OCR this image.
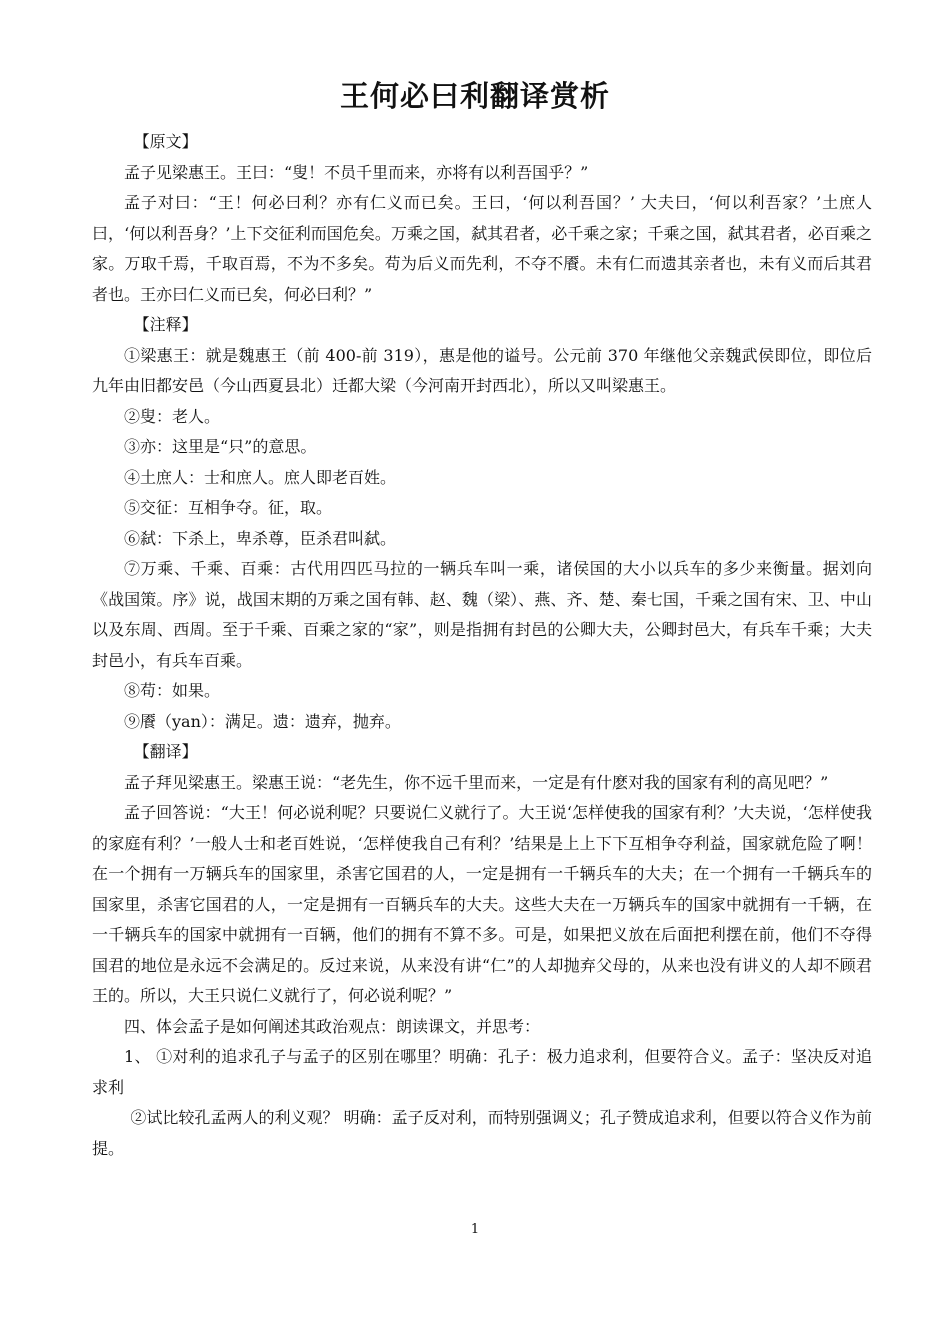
王何必曰利翻译赏析

【原文】

孟子见梁惠王。王曰：“叟！不员千里而来，亦将有以利吾国乎？”

孟子对曰：“王！何必曰利？亦有仁义而已矣。王曰，‘何以利吾国？’ 大夫曰，‘何以利吾家？’土庶人曰，‘何以利吾身？’上下交征利而国危矣。万乘之国，弑其君者，必千乘之家；千乘之国，弑其君者，必百乘之家。万取千焉，千取百焉，不为不多矣。苟为后义而先利，不夺不餍。未有仁而遗其亲者也，未有义而后其君者也。王亦曰仁义而已矣，何必曰利？”

【注释】

①梁惠王：就是魏惠王（前 400-前 319），惠是他的谥号。公元前 370 年继他父亲魏武侯即位，即位后九年由旧都安邑（今山西夏县北）迁都大梁（今河南开封西北），所以又叫梁惠王。

②叟：老人。

③亦：这里是“只”的意思。

④土庶人：士和庶人。庶人即老百姓。

⑤交征：互相争夺。征，取。

⑥弑：下杀上，卑杀尊，臣杀君叫弑。

⑦万乘、千乘、百乘：古代用四匹马拉的一辆兵车叫一乘，诸侯国的大小以兵车的多少来衡量。据刘向《战国策。序》说，战国末期的万乘之国有韩、赵、魏（梁）、燕、齐、楚、秦七国，千乘之国有宋、卫、中山以及东周、西周。至于千乘、百乘之家的“家”，则是指拥有封邑的公卿大夫，公卿封邑大，有兵车千乘；大夫封邑小，有兵车百乘。

⑧苟：如果。

⑨餍（yan）：满足。遗：遗弃，抛弃。

【翻译】

孟子拜见梁惠王。梁惠王说：“老先生，你不远千里而来，一定是有什麽对我的国家有利的高见吧？”

孟子回答说：“大王！何必说利呢？只要说仁义就行了。大王说‘怎样使我的国家有利？’大夫说，‘怎样使我的家庭有利？’一般人士和老百姓说，‘怎样使我自己有利？’结果是上上下下互相争夺利益，国家就危险了啊！在一个拥有一万辆兵车的国家里，杀害它国君的人，一定是拥有一千辆兵车的大夫；在一个拥有一千辆兵车的国家里，杀害它国君的人，一定是拥有一百辆兵车的大夫。这些大夫在一万辆兵车的国家中就拥有一千辆，在一千辆兵车的国家中就拥有一百辆，他们的拥有不算不多。可是，如果把义放在后面把利摆在前，他们不夺得国君的地位是永远不会满足的。反过来说，从来没有讲“仁”的人却抛弃父母的，从来也没有讲义的人却不顾君王的。所以，大王只说仁义就行了，何必说利呢？”

四、体会孟子是如何阐述其政治观点：朗读课文，并思考：

1、 ①对利的追求孔子与孟子的区别在哪里？明确：孔子：极力追求利，但要符合义。孟子：坚决反对追求利

②试比较孔孟两人的利义观？ 明确：孟子反对利，而特别强调义；孔子赞成追求利，但要以符合义作为前提。

1
